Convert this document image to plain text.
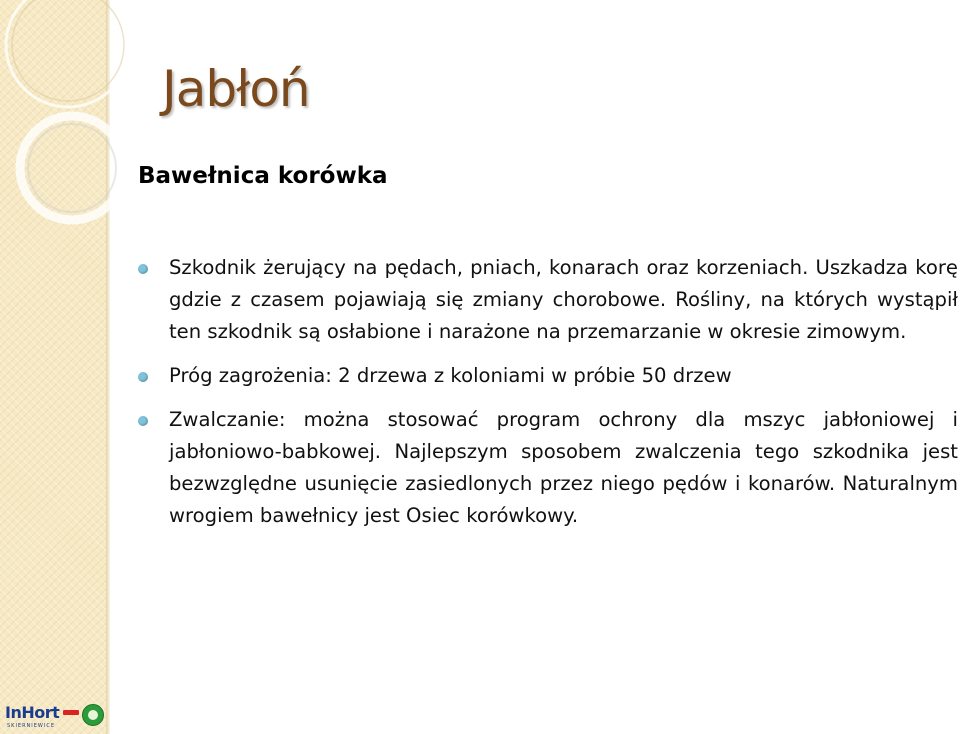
Jabłoń
Bawełnica korówka
Szkodnik żerujący na pędach, pniach, konarach oraz korzeniach. Uszkadza korę gdzie z czasem pojawiają się zmiany chorobowe. Rośliny, na których wystąpił ten szkodnik są osłabione i narażone na przemarzanie w okresie zimowym.
Próg zagrożenia: 2 drzewa z koloniami w próbie 50 drzew
Zwalczanie: można stosować program ochrony dla mszyc jabłoniowej i jabłoniowo-babkowej. Najlepszym sposobem zwalczenia tego szkodnika jest bezwzględne usunięcie zasiedlonych przez niego pędów i konarów. Naturalnym wrogiem bawełnicy jest Osiec korówkowy.
InHort
SKIERNIEWICE
